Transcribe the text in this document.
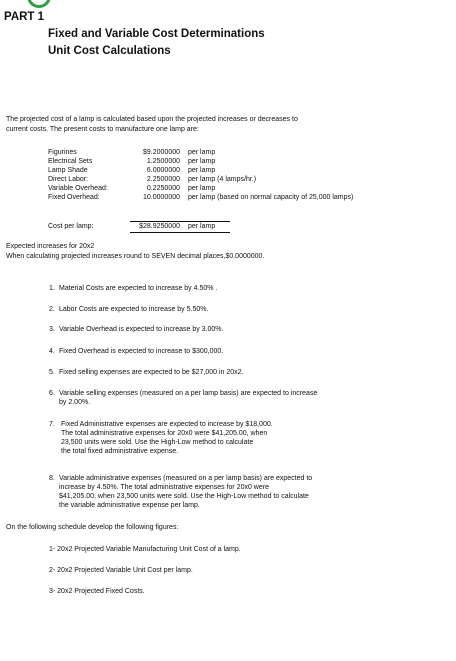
PART 1
Fixed and Variable Cost Determinations
Unit Cost Calculations
The projected cost of a lamp is calculated based upon the projected increases or decreases to
current costs. The present costs to manufacture one lamp are:
Figurines	$9.2000000 per lamp
Electrical Sets	1.2500000 per lamp
Lamp Shade	6.0000000 per lamp
Direct Labor:	2.2500000 per lamp (4 lamps/hr.)
Variable Overhead:	0.2250000 per lamp
Fixed Overhead:	10.0000000 per lamp (based on normal capacity of 25,000 lamps)
Cost per lamp:	$28.9250000 per lamp
Expected increases for 20x2
When calculating projected increases round to SEVEN decimal places,$0.0000000.
1. Material Costs are expected to increase by 4.50% .
2. Labor Costs are expected to increase by 5.50%.
3. Variable Overhead is expected to increase by 3.00%.
4. Fixed Overhead is expected to increase to $300,000.
5. Fixed selling expenses are expected to be $27,000 in 20x2.
6. Variable selling expenses (measured on a per lamp basis) are expected to increase
by 2.00%.
7. Fixed Administrative expenses are expected to increase by $18,000.
The total administrative expenses for 20x0 were $41,205.00, when
23,500 units were sold. Use the High-Low method to calculate
the total fixed administrative expense.
8. Variable administrative expenses (measured on a per lamp basis) are expected to
increase by 4.50%. The total administrative expenses for 20x0 were
$41,205.00, when 23,500 units were sold. Use the High-Low method to calculate
the variable administrative expense per lamp.
On the following schedule develop the following figures:
1- 20x2 Projected Variable Manufacturing Unit Cost of a lamp.
2- 20x2 Projected Variable Unit Cost per lamp.
3- 20x2 Projected Fixed Costs.
